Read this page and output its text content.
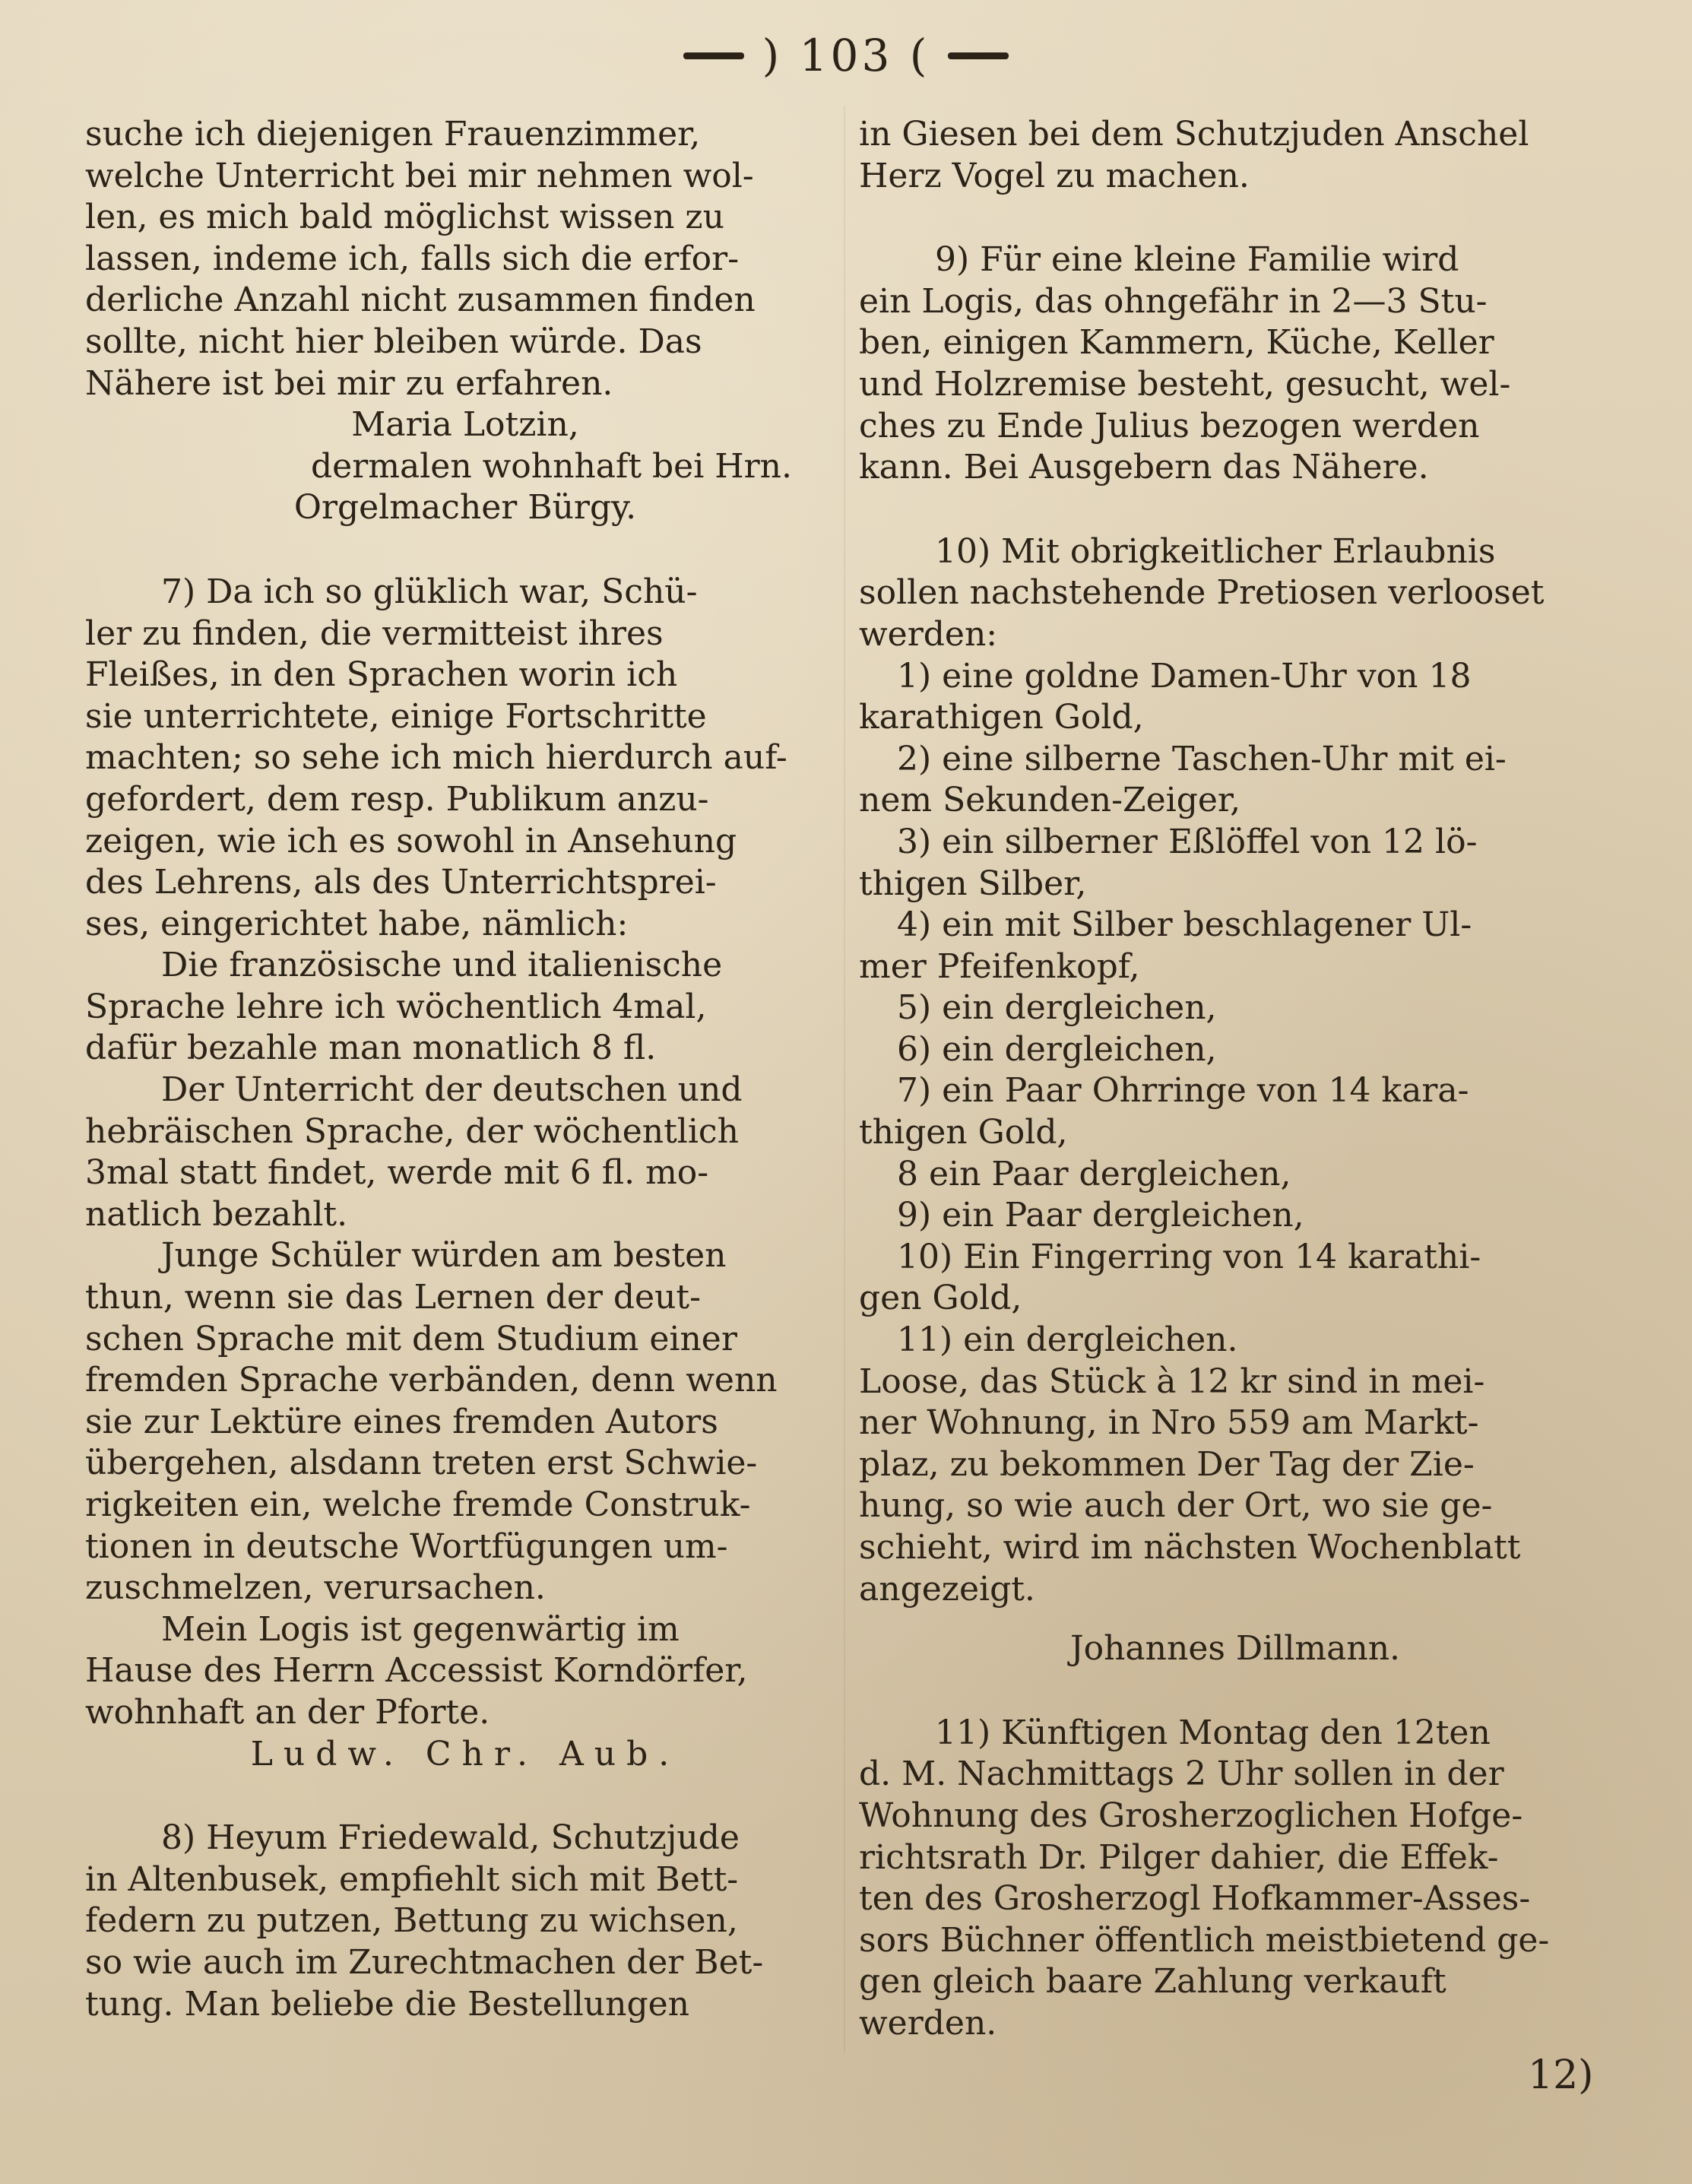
) 103 (

suche ich diejenigen Frauenzimmer,

welche Unterricht bei mir nehmen wol-

len, es mich bald möglichst wissen zu

lassen, indeme ich, falls sich die erfor-

derliche Anzahl nicht zusammen finden

sollte, nicht hier bleiben würde. Das

Nähere ist bei mir zu erfahren.

Maria Lotzin,

dermalen wohnhaft bei Hrn.

Orgelmacher Bürgy.

7) Da ich so glüklich war, Schü-

ler zu finden, die vermitteist ihres

Fleißes, in den Sprachen worin ich

sie unterrichtete, einige Fortschritte

machten; so sehe ich mich hierdurch auf-

gefordert, dem resp. Publikum anzu-

zeigen, wie ich es sowohl in Ansehung

des Lehrens, als des Unterrichtsprei-

ses, eingerichtet habe, nämlich:

Die französische und italienische

Sprache lehre ich wöchentlich 4mal,

dafür bezahle man monatlich 8 fl.

Der Unterricht der deutschen und

hebräischen Sprache, der wöchentlich

3mal statt findet, werde mit 6 fl. mo-

natlich bezahlt.

Junge Schüler würden am besten

thun, wenn sie das Lernen der deut-

schen Sprache mit dem Studium einer

fremden Sprache verbänden, denn wenn

sie zur Lektüre eines fremden Autors

übergehen, alsdann treten erst Schwie-

rigkeiten ein, welche fremde Construk-

tionen in deutsche Wortfügungen um-

zuschmelzen, verursachen.

Mein Logis ist gegenwärtig im

Hause des Herrn Accessist Korndörfer,

wohnhaft an der Pforte.

Ludw. Chr. Aub.

8) Heyum Friedewald, Schutzjude

in Altenbusek, empfiehlt sich mit Bett-

federn zu putzen, Bettung zu wichsen,

so wie auch im Zurechtmachen der Bet-

tung. Man beliebe die Bestellungen

in Giesen bei dem Schutzjuden Anschel

Herz Vogel zu machen.

9) Für eine kleine Familie wird

ein Logis, das ohngefähr in 2—3 Stu-

ben, einigen Kammern, Küche, Keller

und Holzremise besteht, gesucht, wel-

ches zu Ende Julius bezogen werden

kann. Bei Ausgebern das Nähere.

10) Mit obrigkeitlicher Erlaubnis

sollen nachstehende Pretiosen verlooset

werden:

1) eine goldne Damen-Uhr von 18

karathigen Gold,

2) eine silberne Taschen-Uhr mit ei-

nem Sekunden-Zeiger,

3) ein silberner Eßlöffel von 12 lö-

thigen Silber,

4) ein mit Silber beschlagener Ul-

mer Pfeifenkopf,

5) ein dergleichen,

6) ein dergleichen,

7) ein Paar Ohrringe von 14 kara-

thigen Gold,

8 ein Paar dergleichen,

9) ein Paar dergleichen,

10) Ein Fingerring von 14 karathi-

gen Gold,

11) ein dergleichen.

Loose, das Stück à 12 kr sind in mei-

ner Wohnung, in Nro 559 am Markt-

plaz, zu bekommen Der Tag der Zie-

hung, so wie auch der Ort, wo sie ge-

schieht, wird im nächsten Wochenblatt

angezeigt.

Johannes Dillmann.

11) Künftigen Montag den 12ten

d. M. Nachmittags 2 Uhr sollen in der

Wohnung des Grosherzoglichen Hofge-

richtsrath Dr. Pilger dahier, die Effek-

ten des Grosherzogl Hofkammer-Asses-

sors Büchner öffentlich meistbietend ge-

gen gleich baare Zahlung verkauft

werden.

12)
